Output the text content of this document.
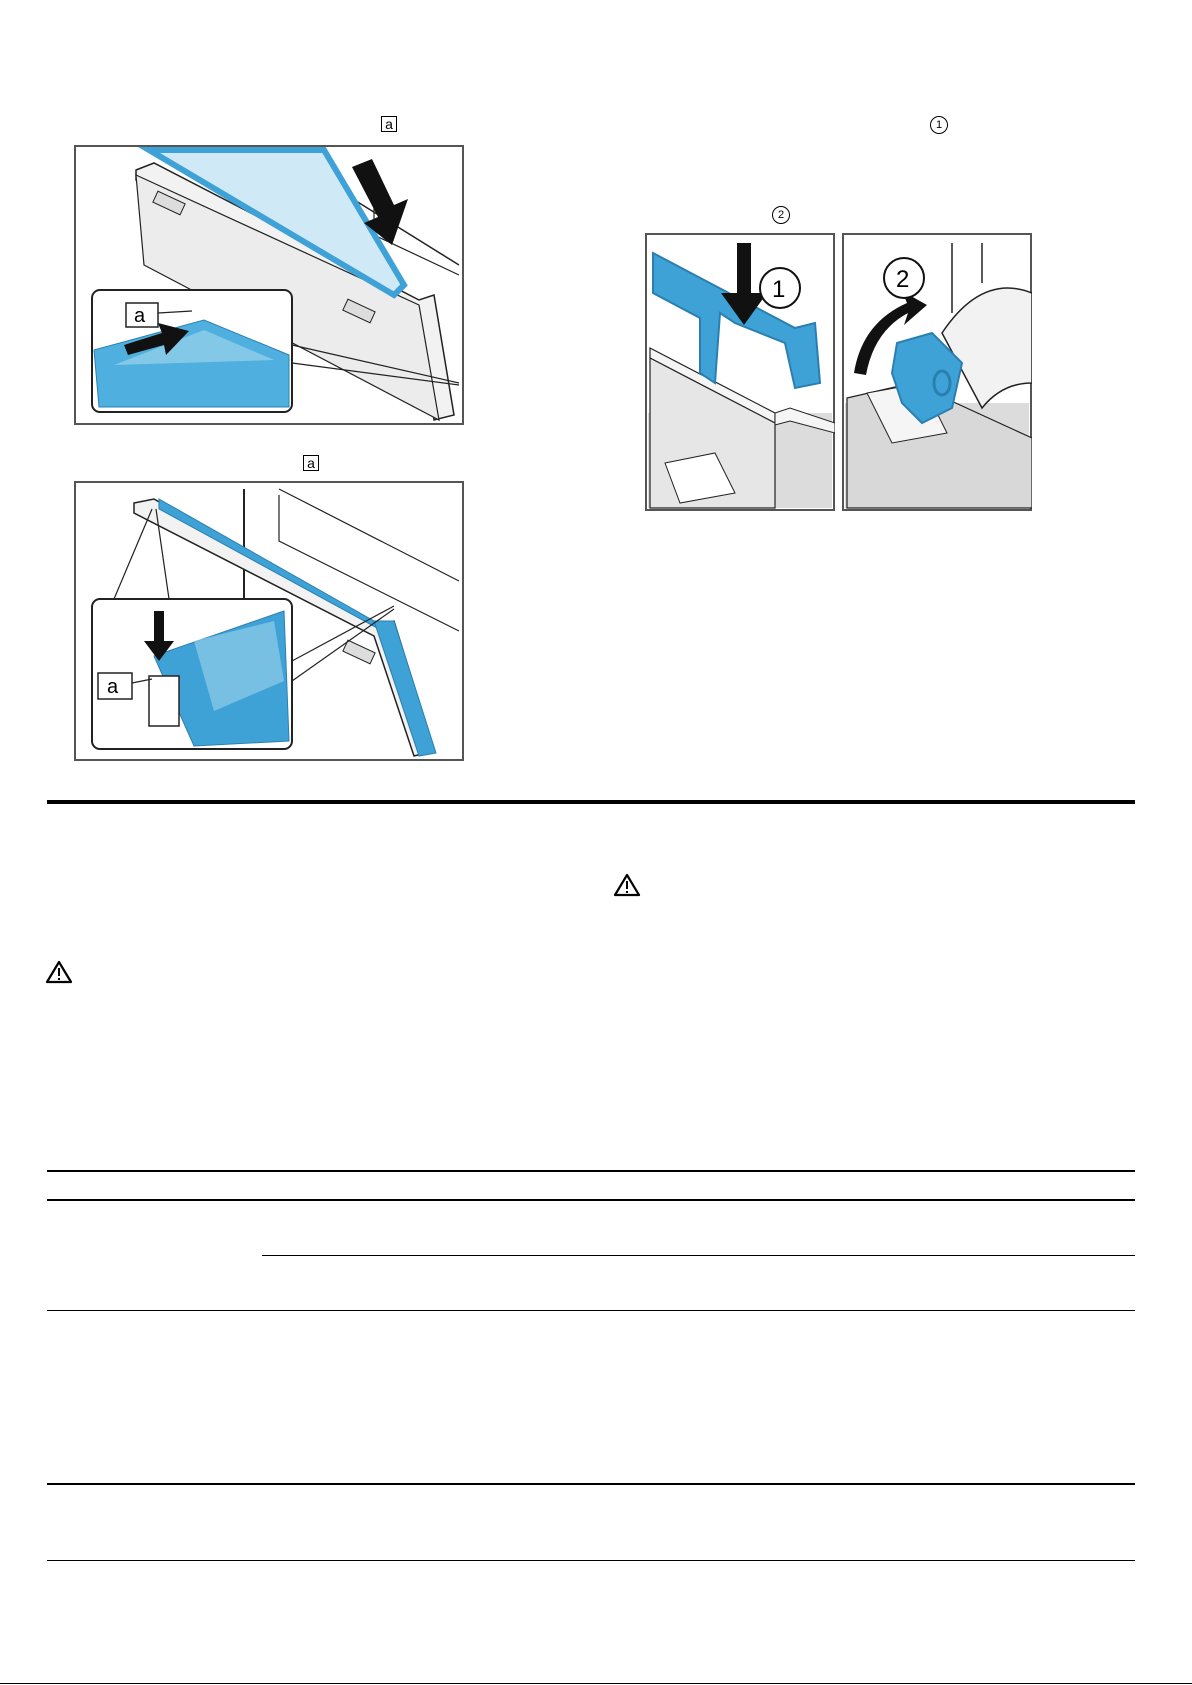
a	1
2
a
a
a
1	2
